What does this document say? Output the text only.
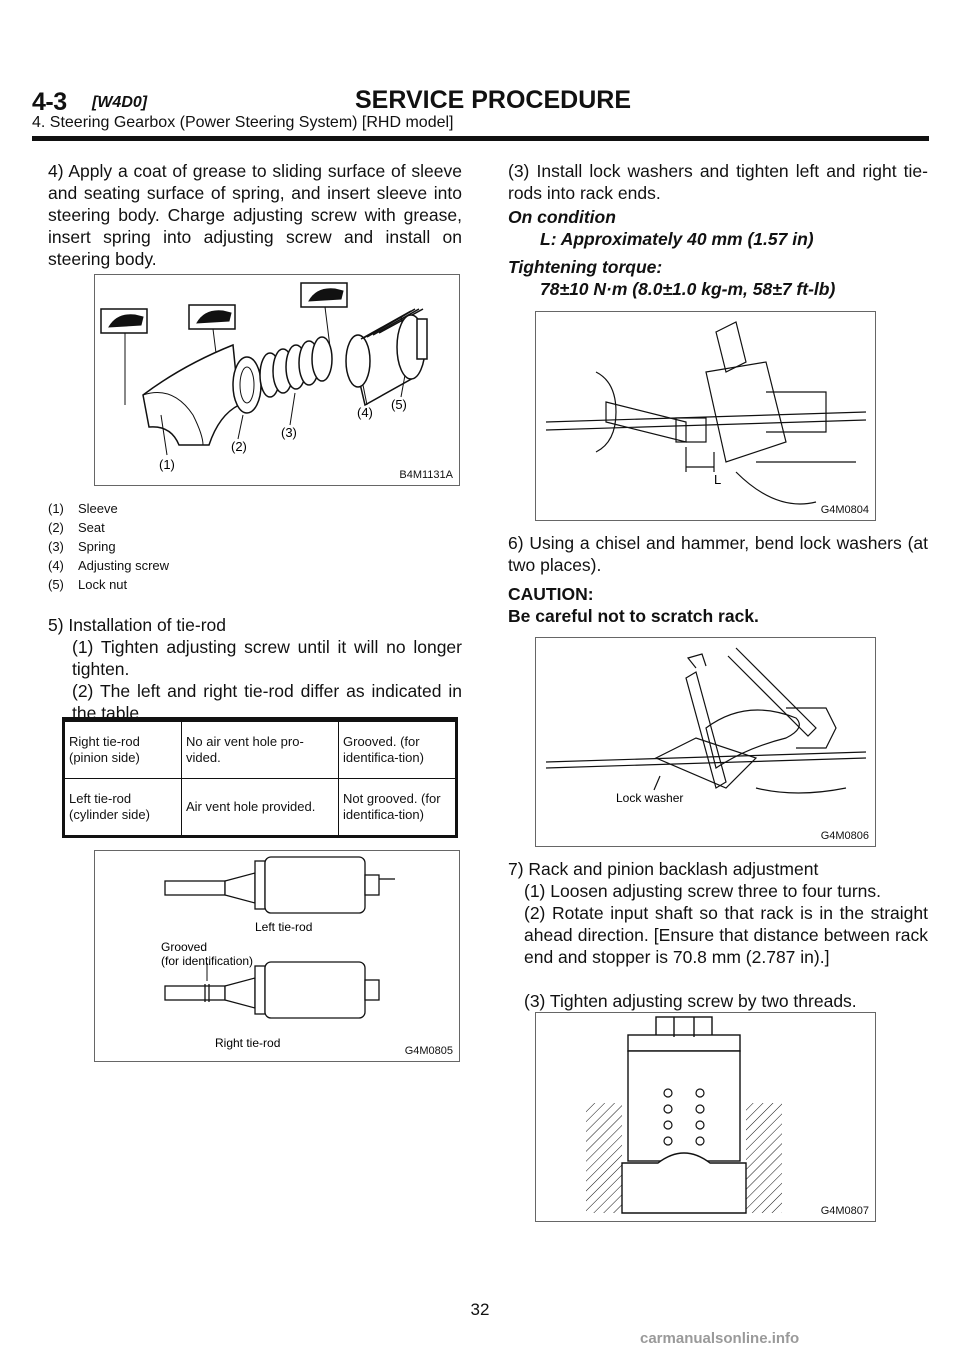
4-3 [W4D0]	SERVICE PROCEDURE
4. Steering Gearbox (Power Steering System) [RHD model]
4) Apply a coat of grease to sliding surface of sleeve and seating surface of spring, and insert sleeve into steering body. Charge adjusting screw with grease, insert spring into adjusting screw and install on steering body.
(1)
(2)
(3)
(4)
(5)
B4M1131A
(1) Sleeve
(2) Seat
(3) Spring
(4) Adjusting screw
(5) Lock nut
5) Installation of tie-rod
(1) Tighten adjusting screw until it will no longer tighten.
(2) The left and right tie-rod differ as indicated in the table.
Right tie-rod (pinion side)	No air vent hole pro-vided.	Grooved. (for identifica-tion)
Left tie-rod (cylinder side)	Air vent hole provided.	Not grooved. (for identifica-tion)
Left tie-rod
Grooved
(for identification)
Right tie-rod
G4M0805
(3) Install lock washers and tighten left and right tie-rods into rack ends.
On condition
L: Approximately 40 mm (1.57 in)
Tightening torque:
78±10 N·m (8.0±1.0 kg-m, 58±7 ft-lb)
L
G4M0804
6) Using a chisel and hammer, bend lock washers (at two places).
CAUTION:
Be careful not to scratch rack.
Lock washer
G4M0806
7) Rack and pinion backlash adjustment
(1) Loosen adjusting screw three to four turns.
(2) Rotate input shaft so that rack is in the straight ahead direction. [Ensure that distance between rack end and stopper is 70.8 mm (2.787 in).]
(3) Tighten adjusting screw by two threads.
G4M0807
32
carmanualsonline.info
